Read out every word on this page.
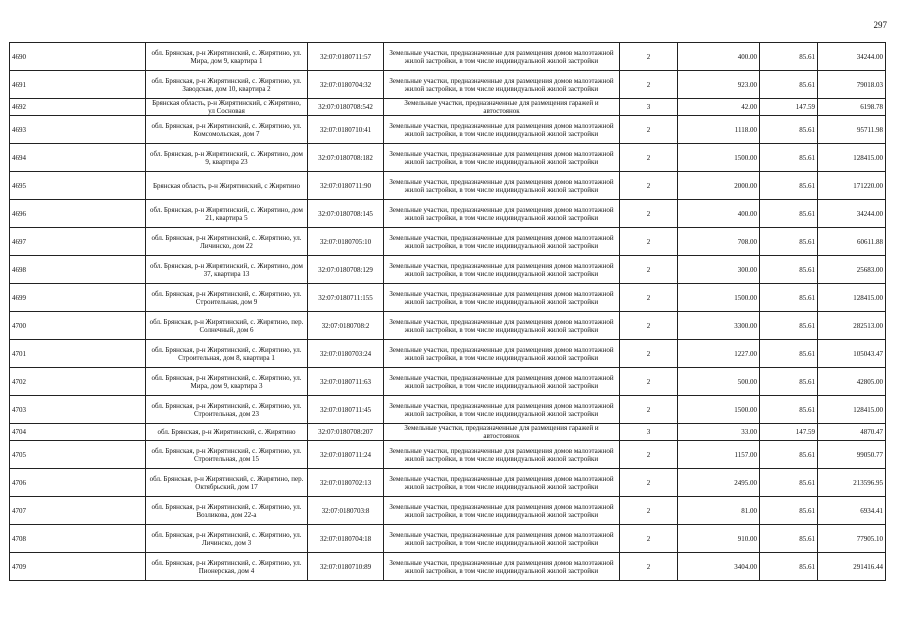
297
4690	обл. Брянская, р-н Жирятинский, с. Жирятино, ул. Мира, дом 9, квартира 1	32:07:0180711:57	Земельные участки, предназначенные для размещения домов малоэтажной жилой застройки, в том числе индивидуальной жилой застройки	2	400.00	85.61	34244.00
4691	обл. Брянская, р-н Жирятинский, с. Жирятино, ул. Заводская, дом 10, квартира 2	32:07:0180704:32	Земельные участки, предназначенные для размещения домов малоэтажной жилой застройки, в том числе индивидуальной жилой застройки	2	923.00	85.61	79018.03
4692	Брянская область, р-н Жирятинский, с Жирятино, ул Сосновая	32:07:0180708:542	Земельные участки, предназначенные для размещения гаражей и автостоянок	3	42.00	147.59	6198.78
4693	обл. Брянская, р-н Жирятинский, с. Жирятино, ул. Комсомольская, дом 7	32:07:0180710:41	Земельные участки, предназначенные для размещения домов малоэтажной жилой застройки, в том числе индивидуальной жилой застройки	2	1118.00	85.61	95711.98
4694	обл. Брянская, р-н Жирятинский, с. Жирятино, дом 9, квартира 23	32:07:0180708:182	Земельные участки, предназначенные для размещения домов малоэтажной жилой застройки, в том числе индивидуальной жилой застройки	2	1500.00	85.61	128415.00
4695	Брянская область, р-н Жирятинский, с Жирятино	32:07:0180711:90	Земельные участки, предназначенные для размещения домов малоэтажной жилой застройки, в том числе индивидуальной жилой застройки	2	2000.00	85.61	171220.00
4696	обл. Брянская, р-н Жирятинский, с. Жирятино, дом 21, квартира 5	32:07:0180708:145	Земельные участки, предназначенные для размещения домов малоэтажной жилой застройки, в том числе индивидуальной жилой застройки	2	400.00	85.61	34244.00
4697	обл. Брянская, р-н Жирятинский, с. Жирятино, ул. Личинско, дом 22	32:07:0180705:10	Земельные участки, предназначенные для размещения домов малоэтажной жилой застройки, в том числе индивидуальной жилой застройки	2	708.00	85.61	60611.88
4698	обл. Брянская, р-н Жирятинский, с. Жирятино, дом 37, квартира 13	32:07:0180708:129	Земельные участки, предназначенные для размещения домов малоэтажной жилой застройки, в том числе индивидуальной жилой застройки	2	300.00	85.61	25683.00
4699	обл. Брянская, р-н Жирятинский, с. Жирятино, ул. Строительная, дом 9	32:07:0180711:155	Земельные участки, предназначенные для размещения домов малоэтажной жилой застройки, в том числе индивидуальной жилой застройки	2	1500.00	85.61	128415.00
4700	обл. Брянская, р-н Жирятинский, с. Жирятино, пер. Солнечный, дом 6	32:07:0180708:2	Земельные участки, предназначенные для размещения домов малоэтажной жилой застройки, в том числе индивидуальной жилой застройки	2	3300.00	85.61	282513.00
4701	обл. Брянская, р-н Жирятинский, с. Жирятино, ул. Строительная, дом 8, квартира 1	32:07:0180703:24	Земельные участки, предназначенные для размещения домов малоэтажной жилой застройки, в том числе индивидуальной жилой застройки	2	1227.00	85.61	105043.47
4702	обл. Брянская, р-н Жирятинский, с. Жирятино, ул. Мира, дом 9, квартира 3	32:07:0180711:63	Земельные участки, предназначенные для размещения домов малоэтажной жилой застройки, в том числе индивидуальной жилой застройки	2	500.00	85.61	42805.00
4703	обл. Брянская, р-н Жирятинский, с. Жирятино, ул. Строительная, дом 23	32:07:0180711:45	Земельные участки, предназначенные для размещения домов малоэтажной жилой застройки, в том числе индивидуальной жилой застройки	2	1500.00	85.61	128415.00
4704	обл. Брянская, р-н Жирятинский, с. Жирятино	32:07:0180708:207	Земельные участки, предназначенные для размещения гаражей и автостоянок	3	33.00	147.59	4870.47
4705	обл. Брянская, р-н Жирятинский, с. Жирятино, ул. Строительная, дом 15	32:07:0180711:24	Земельные участки, предназначенные для размещения домов малоэтажной жилой застройки, в том числе индивидуальной жилой застройки	2	1157.00	85.61	99050.77
4706	обл. Брянская, р-н Жирятинский, с. Жирятино, пер. Октябрьский, дом 17	32:07:0180702:13	Земельные участки, предназначенные для размещения домов малоэтажной жилой застройки, в том числе индивидуальной жилой застройки	2	2495.00	85.61	213596.95
4707	обл. Брянская, р-н Жирятинский, с. Жирятино, ул. Возликова, дом 22-а	32:07:0180703:8	Земельные участки, предназначенные для размещения домов малоэтажной жилой застройки, в том числе индивидуальной жилой застройки	2	81.00	85.61	6934.41
4708	обл. Брянская, р-н Жирятинский, с. Жирятино, ул. Личинско, дом 3	32:07:0180704:18	Земельные участки, предназначенные для размещения домов малоэтажной жилой застройки, в том числе индивидуальной жилой застройки	2	910.00	85.61	77905.10
4709	обл. Брянская, р-н Жирятинский, с. Жирятино, ул. Пионерская, дом 4	32:07:0180710:89	Земельные участки, предназначенные для размещения домов малоэтажной жилой застройки, в том числе индивидуальной жилой застройки	2	3404.00	85.61	291416.44
